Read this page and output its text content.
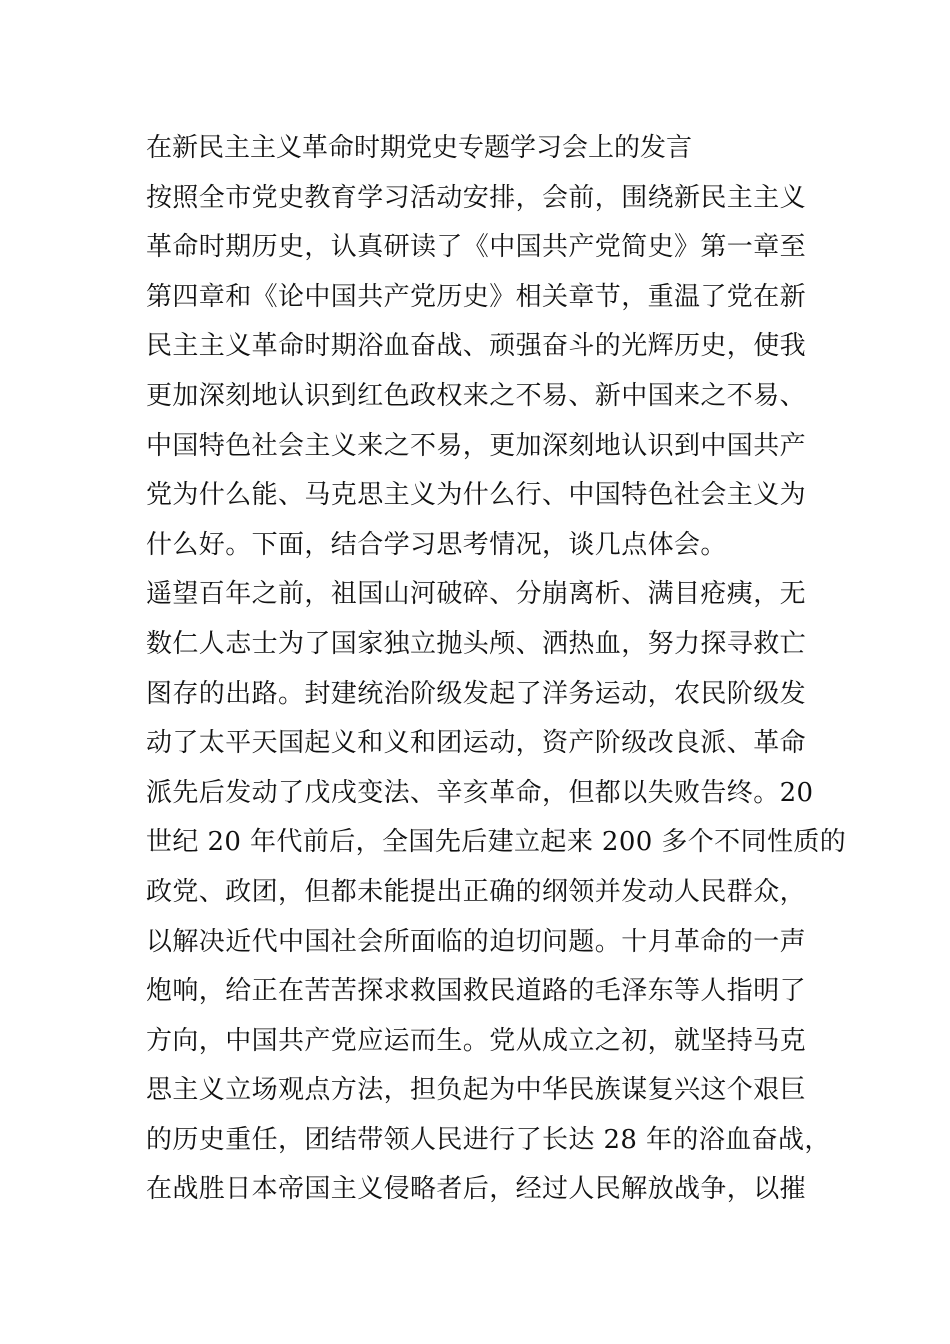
在新民主主义革命时期党史专题学习会上的发言
按照全市党史教育学习活动安排，会前，围绕新民主主义
革命时期历史，认真研读了《中国共产党简史》第一章至
第四章和《论中国共产党历史》相关章节，重温了党在新
民主主义革命时期浴血奋战、顽强奋斗的光辉历史，使我
更加深刻地认识到红色政权来之不易、新中国来之不易、
中国特色社会主义来之不易，更加深刻地认识到中国共产
党为什么能、马克思主义为什么行、中国特色社会主义为
什么好。下面，结合学习思考情况，谈几点体会。
遥望百年之前，祖国山河破碎、分崩离析、满目疮痍，无
数仁人志士为了国家独立抛头颅、洒热血，努力探寻救亡
图存的出路。封建统治阶级发起了洋务运动，农民阶级发
动了太平天国起义和义和团运动，资产阶级改良派、革命
派先后发动了戊戌变法、辛亥革命，但都以失败告终。20
世纪 20 年代前后，全国先后建立起来 200 多个不同性质的
政党、政团，但都未能提出正确的纲领并发动人民群众，
以解决近代中国社会所面临的迫切问题。十月革命的一声
炮响，给正在苦苦探求救国救民道路的毛泽东等人指明了
方向，中国共产党应运而生。党从成立之初，就坚持马克
思主义立场观点方法，担负起为中华民族谋复兴这个艰巨
的历史重任，团结带领人民进行了长达 28 年的浴血奋战，
在战胜日本帝国主义侵略者后，经过人民解放战争，以摧
